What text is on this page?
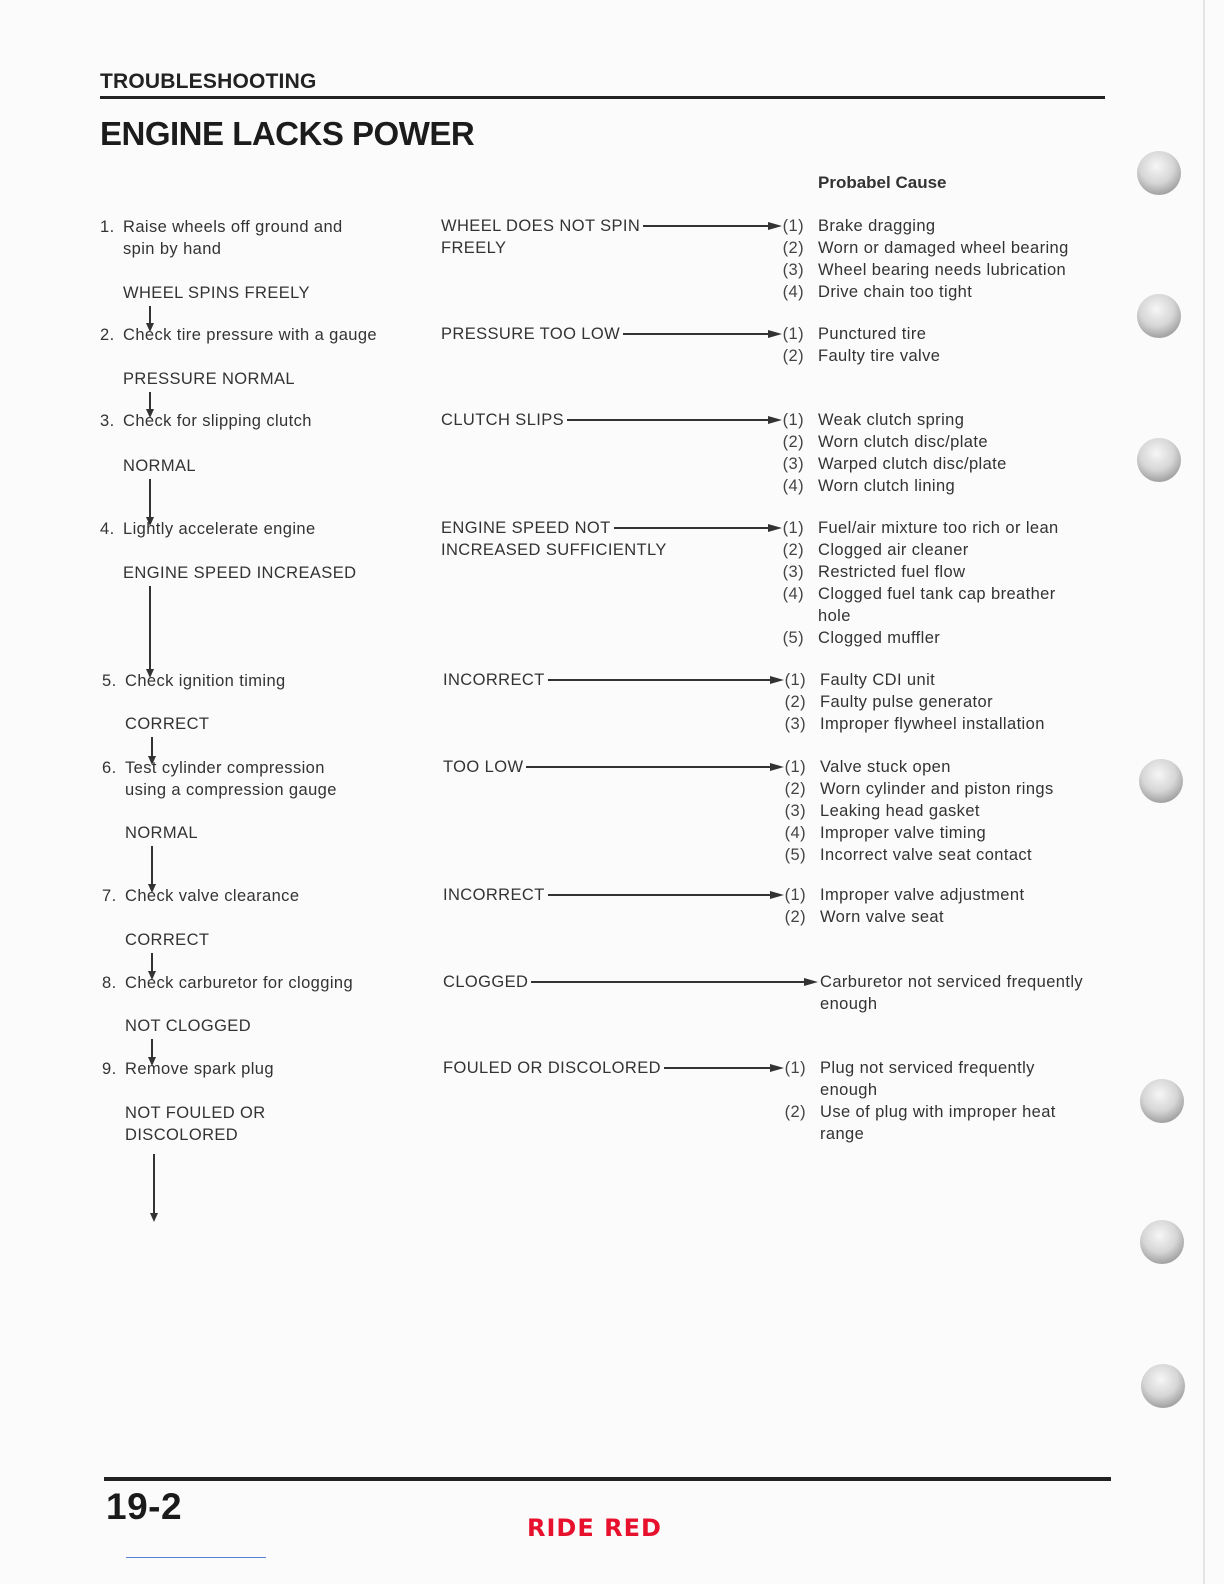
TROUBLESHOOTING
ENGINE LACKS POWER
Probabel Cause
1. Raise wheels off ground and
spin by hand
WHEEL SPINS FREELY
2. Check tire pressure with a gauge
PRESSURE NORMAL
3. Check for slipping clutch
NORMAL
4. Lightly accelerate engine
ENGINE SPEED INCREASED
5. Check ignition timing
CORRECT
6. Test cylinder compression
using a compression gauge
NORMAL
7. Check valve clearance
CORRECT
8. Check carburetor for clogging
NOT CLOGGED
9. Remove spark plug
NOT FOULED OR
DISCOLORED
WHEEL DOES NOT SPIN
FREELY
PRESSURE TOO LOW
CLUTCH SLIPS
ENGINE SPEED NOT
INCREASED SUFFICIENTLY
INCORRECT
TOO LOW
INCORRECT
CLOGGED
FOULED OR DISCOLORED
(1) Brake dragging
(2) Worn or damaged wheel bearing
(3) Wheel bearing needs lubrication
(4) Drive chain too tight
(1) Punctured tire
(2) Faulty tire valve
(1) Weak clutch spring
(2) Worn clutch disc/plate
(3) Warped clutch disc/plate
(4) Worn clutch lining
(1) Fuel/air mixture too rich or lean
(2) Clogged air cleaner
(3) Restricted fuel flow
(4) Clogged fuel tank cap breather
hole
(5) Clogged muffler
(1) Faulty CDI unit
(2) Faulty pulse generator
(3) Improper flywheel installation
(1) Valve stuck open
(2) Worn cylinder and piston rings
(3) Leaking head gasket
(4) Improper valve timing
(5) Incorrect valve seat contact
(1) Improper valve adjustment
(2) Worn valve seat
Carburetor not serviced frequently
enough
(1) Plug not serviced frequently
enough
(2) Use of plug with improper heat
range
19-2
RIDE RED
